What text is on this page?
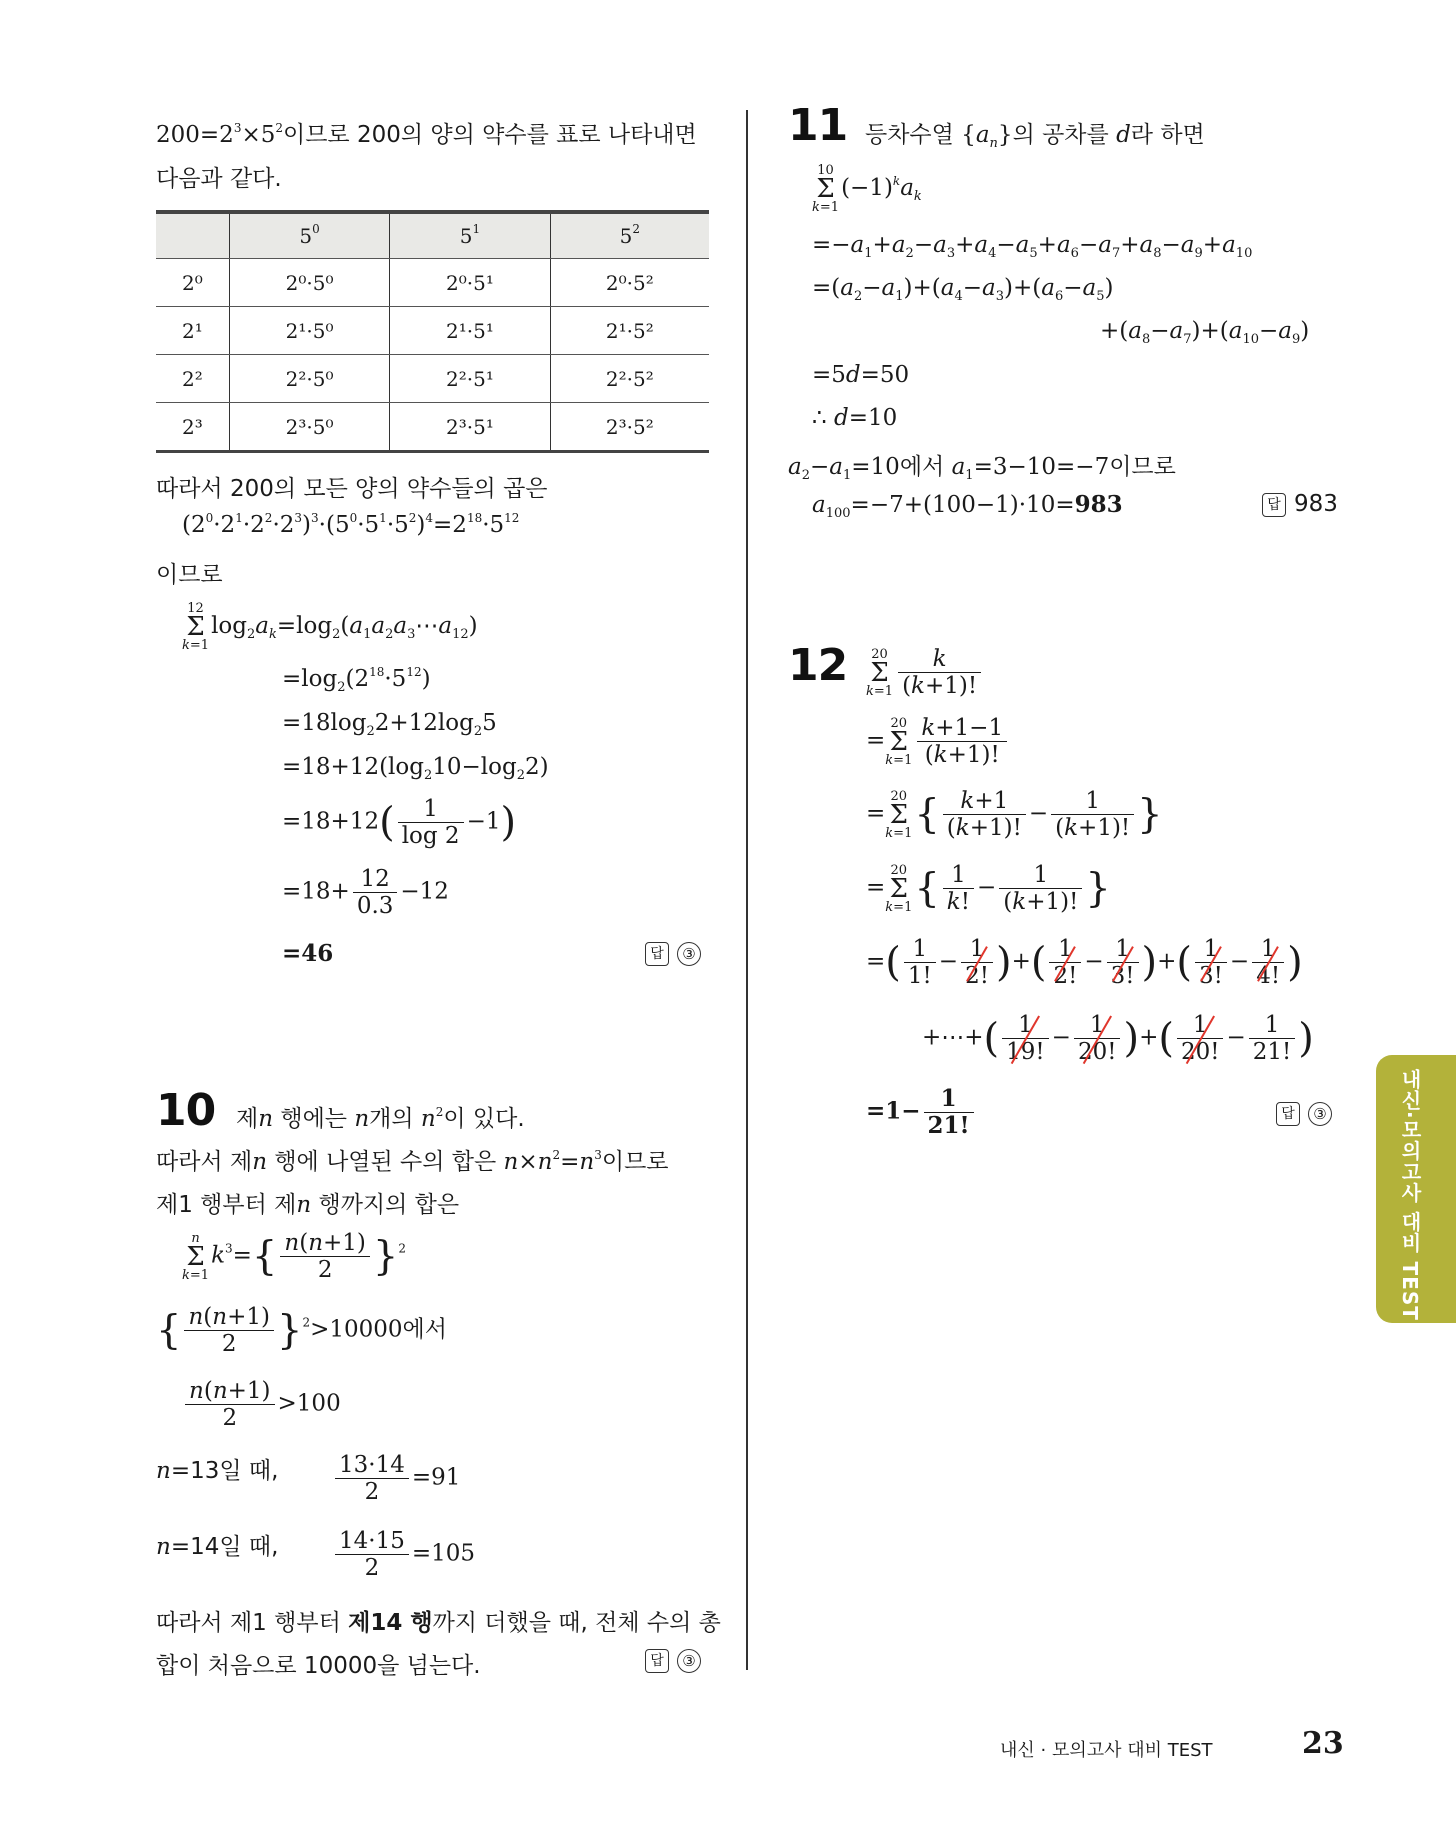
$200=2^3\times 5^2$이므로 200의 양의 약수를 표로 나타내면
다음과 같다.
	$5^0$	$5^1$	$5^2$
2⁰	2⁰·5⁰	2⁰·5¹	2⁰·5²
2¹	2¹·5⁰	2¹·5¹	2¹·5²
2²	2²·5⁰	2²·5¹	2²·5²
2³	2³·5⁰	2³·5¹	2³·5²
따라서 200의 모든 양의 약수들의 곱은
$(2^0\cdot 2^1\cdot 2^2\cdot 2^3)^3\cdot(5^0\cdot 5^1\cdot 5^2)^4=2^{18}\cdot 5^{12}$
이므로
12
Σ
$k=1\log_2a_k=\log_2(a_1a_2a_3\cdots a_{12})$
$=\log_2(2^{18}\cdot 5^{12})$
$=18\log_22+12\log_25$
$=18+12(\log_210-\log_22)$
$=18+12( \frac{1}{\log 2} -1)$
$=18+ \frac{12}{0.3} -12$
=46	답 ③
10 제n 행에는 n개의 $n^2$이 있다.
따라서 제n 행에 나열된 수의 합은 $n\times n^2=n^3$이므로
제1 행부터 제n 행까지의 합은
n
Σ
$k=1k^3=\{ \frac{n(n+1)}{2} \}^2$
{ $\frac{n(n+1)}{2} \}^2>10000$에서
$\frac{n(n+1)}{2} >100$
n=13일 때, $\frac{13\cdot 14}{2} =91$
n=14일 때, $\frac{14\cdot 15}{2} =105$
따라서 제1 행부터 제14 행까지 더했을 때, 전체 수의 총
합이 처음으로 10000을 넘는다.	답 ③
11 등차수열 $\{a_n\}$의 공차를 d라 하면
10
Σ
$k=1(-1)^ka_k$
$=-a_1+a_2-a_3+a_4-a_5+a_6-a_7+a_8-a_9+a_{10}$
$=(a_2-a_1)+(a_4-a_3)+(a_6-a_5)$
$+(a_8-a_7)+(a_{10}-a_9)$
=5d=50
∴ d=10
$a_2-a_1=10$에서 $a_1=3-10=-7$이므로
$a_{100}=-7+(100-1)\cdot 10=983$	답 983
12	20
Σ
$k=1 \frac{k}{(k+1)!}$
=20
Σ
$k=1 \frac{k+1-1}{(k+1)!}$
=20
Σ
$k=1\{ \frac{k+1}{(k+1)!} - \frac{1}{(k+1)!}$ }
=20
Σ
$k=1\{ \frac{1}{k!} - \frac{1}{(k+1)!}$ }
=( $\frac{1}{1!} - \frac{1}{2!}$ )+( $\frac{1}{2!} - \frac{1}{3!}$ )+( $\frac{1}{3!} - \frac{1}{4!}$ )
+⋯+( $\frac{1}{19!} - \frac{1}{20!}$ )+( $\frac{1}{20!} - \frac{1}{21!}$ )
$=1- \frac{1}{21!}$	답 ③	내신·모의고사 대비 TEST
내신 · 모의고사 대비 TEST	23
